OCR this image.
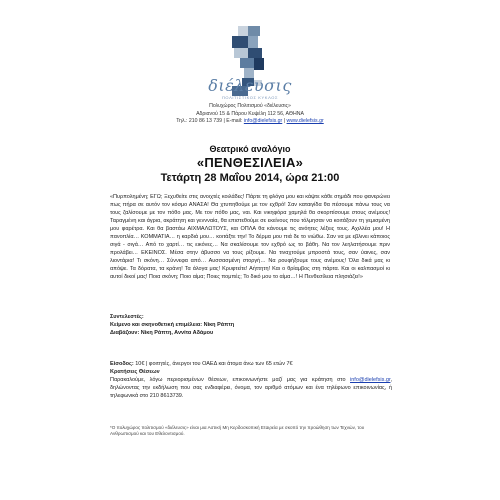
διέλευσις
ΠΟΛΙΤΙΣΤΙΚΟΣ ΚΥΚΛΟΣ
Πολυχώρος Πολιτισμού «διέλευσις»
Αδριανού 15 & Πάρου Κυψέλη 112 56, ΑΘΗΝΑ
Τηλ.: 210 86 13 739 | E-mail: info@dielefsis.gr | www.dielefsis.gr
Θεατρικό αναλόγιο
«ΠΕΝΘΕΣΙΛΕΙΑ»
Τετάρτη 28 Μαΐου 2014, ώρα 21:00
«Πυρπολημένη; ΕΓΩ; Ξεχυθείτε στις ανοιχτές κοιλάδες! Πάρτε τη φλόγα μου και κάψτε κάθε σημάδι που φανερώνει πως πήρα σε αυτόν τον κόσμο ΑΝΑΣΑ! Θα χτυπηθούμε με τον εχθρό! Σαν καταιγίδα θα πέσουμε πάνω τους να τους ζαλίσουμε με τον πόθο μας. Με τον πόθο μας, ναι. Και νικηφόρα χαμηλά θα σκορπίσουμε στους ανέμους! Ταραγμένη και άγρια, ακράτητη και γεννναία, θα επιστεθούμε σε εκείνους που τόλμησαν να κοιτάξουν τη γεμισμένη μου φαρέτρα. Και θα βαστάω ΑΙΧΜΑΛΩΤΟΥΣ, και ΟΠΛΑ θα κάνουμε τις ανόητες λέξεις τους. Αχιλλέα μου! Η πανοπλία… ΚΟΜΜΑΤΙΑ… η καρδιά μου… κοιτάξτε την! Το δέρμα μου πιά δε το νιώθω. Σαν να με εβλινει κάποιος σιγά - σιγά… Από το χαρτί… τις εικόνες… Να σκαλίσουμε τον εχθρό ως το βάθη. Να τον λεηλατήσουμε πριν προλάβει… ΕΚΕΙΝΟΣ. Μέσα στην άβυσσο να τους ρίξουμε. Να τιναχτούμε μπροστά τους, σαν ύαινες, σαν λιοντάρια! Τι σκόνη… Σύννεφα από… Αυσσασμένη στοργή… Να ρουφήξουμε τους ανέμους! Όλα δικά μας κι απόψε. Τα δόρατα, τα κράνη! Τα άλογα μας! Κρυφτείτε! Αήττητη! Και ο θρίαμβος στη πάρτα. Και οι καλπασμοί κι αυτοί δικοί μας! Ποια σκόνη; Ποιο αίμα; Ποιες πομπές; Το δικό μου το αίμα…! Η Πενθεσίλεια πλησιάζει!»
Συντελεστές:
Κείμενο και σκηνοθετική επιμέλεια: Νίκη Ράπτη
Διαβάζουν: Νίκη Ράπτη, Αννίτα Αδάμου
Είσοδος: 10€ | φοιτητές, άνεργοι του ΟΑΕΔ και άτομα άνω των 65 ετών 7€
Κρατήσεις Θέσεων
Παρακαλούμε, λόγω περιορισμένων θέσεων, επικοινωνήστε μαζί μας για κράτηση στο info@dielefsis.gr, δηλώνοντας την εκδήλωση που σας ενδιαφέρει, όνομα, τον αριθμό ατόμων και ένα τηλέφωνο επικοινωνίας, ή τηλεφωνικά στο 210 8613739.
*Ο πολυχώρος πολιτισμού «διέλευσις» είναι μια Αστική Μη Κερδοσκοπική Εταιρεία με σκοπό την προώθηση των Τεχνών, του Ανθρωπισμού και του Εθελοντισμού.
